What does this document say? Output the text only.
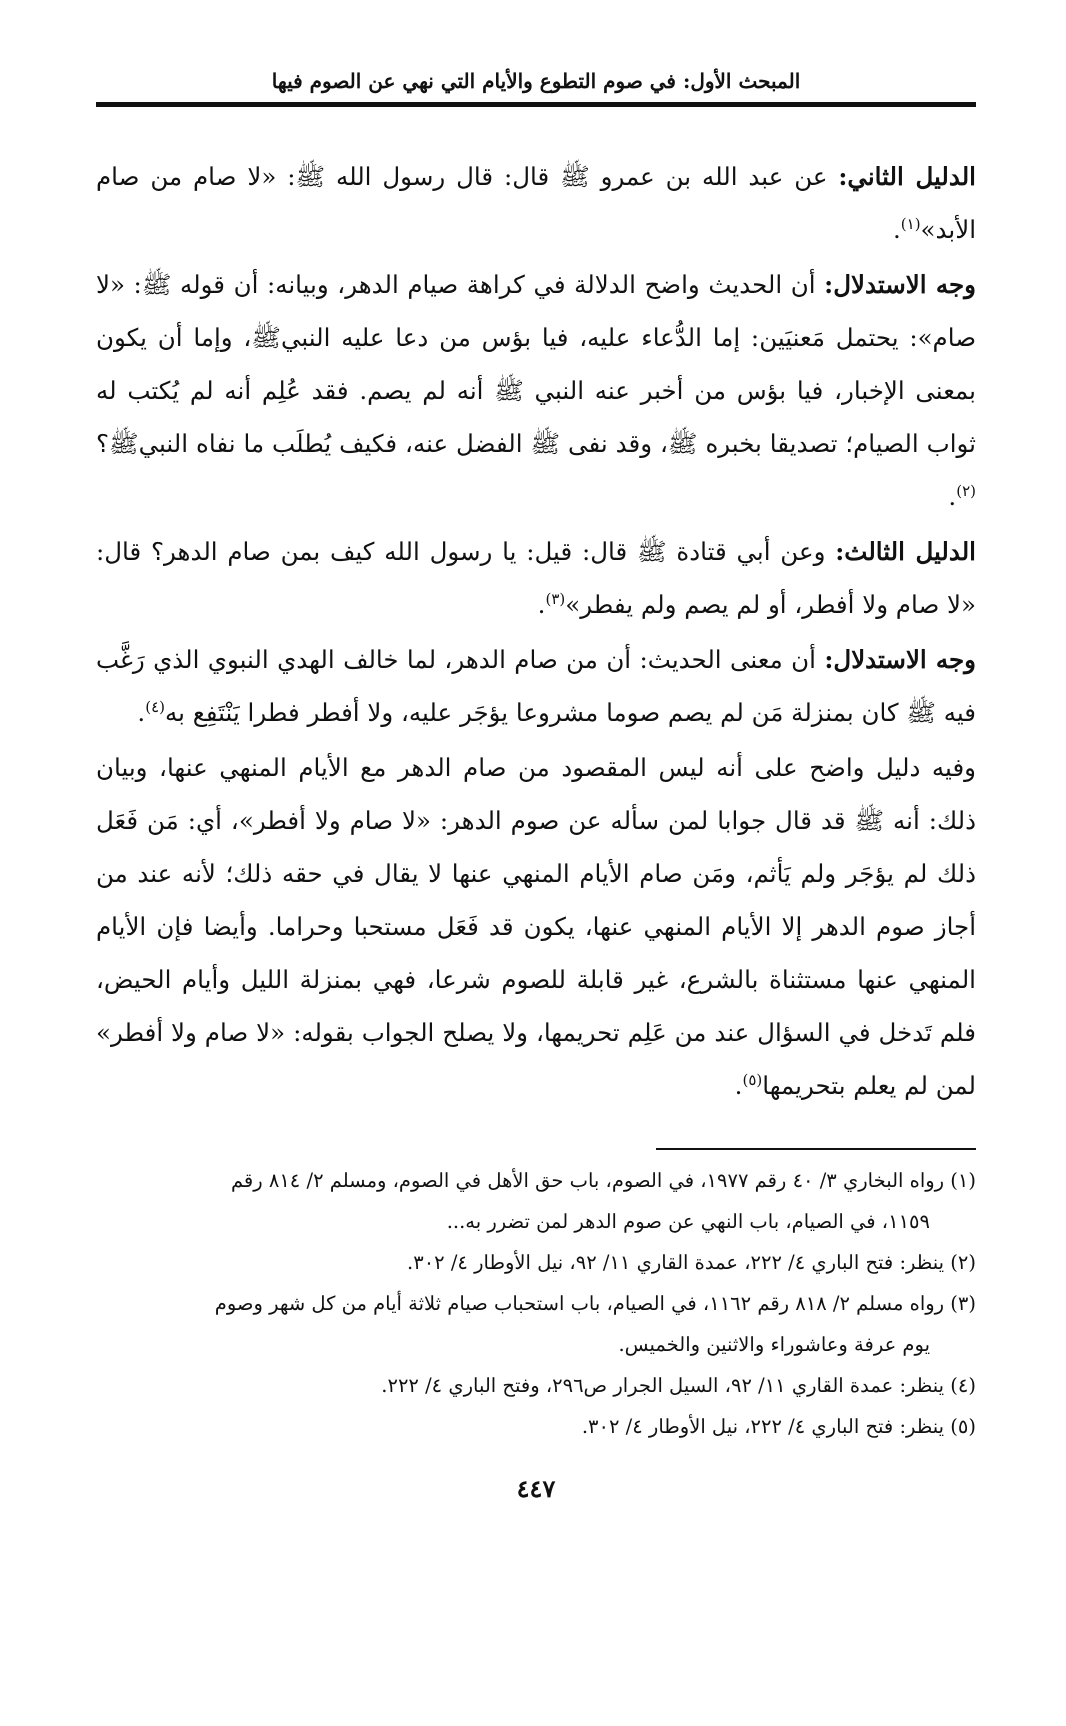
المبحث الأول: في صوم التطوع والأيام التي نهي عن الصوم فيها

الدليل الثاني: عن عبد الله بن عمرو ﷺ قال: قال رسول الله ﷺ: «لا صام من صام الأبد»$^{(١)}$.

وجه الاستدلال: أن الحديث واضح الدلالة في كراهة صيام الدهر، وبيانه: أن قوله ﷺ: «لا صام»: يحتمل مَعنيَين: إما الدُّعاء عليه، فيا بؤس من دعا عليه النبيﷺ، وإما أن يكون بمعنى الإخبار، فيا بؤس من أخبر عنه النبي ﷺ أنه لم يصم. فقد عُلِم أنه لم يُكتب له ثواب الصيام؛ تصديقا بخبره ﷺ، وقد نفى ﷺ الفضل عنه، فكيف يُطلَب ما نفاه النبيﷺ؟$^{(٢)}$.

الدليل الثالث: وعن أبي قتادة ﷺ قال: قيل: يا رسول الله كيف بمن صام الدهر؟ قال: «لا صام ولا أفطر، أو لم يصم ولم يفطر»$^{(٣)}$.

وجه الاستدلال: أن معنى الحديث: أن من صام الدهر، لما خالف الهدي النبوي الذي رَغَّب فيه ﷺ كان بمنزلة مَن لم يصم صوما مشروعا يؤجَر عليه، ولا أفطر فطرا يَنْتَفِع به$^{(٤)}$.

وفيه دليل واضح على أنه ليس المقصود من صام الدهر مع الأيام المنهي عنها، وبيان ذلك: أنه ﷺ قد قال جوابا لمن سأله عن صوم الدهر: «لا صام ولا أفطر»، أي: مَن فَعَل ذلك لم يؤجَر ولم يَأثم، ومَن صام الأيام المنهي عنها لا يقال في حقه ذلك؛ لأنه عند من أجاز صوم الدهر إلا الأيام المنهي عنها، يكون قد فَعَل مستحبا وحراما. وأيضا فإن الأيام المنهي عنها مستثناة بالشرع، غير قابلة للصوم شرعا، فهي بمنزلة الليل وأيام الحيض، فلم تَدخل في السؤال عند من عَلِم تحريمها، ولا يصلح الجواب بقوله: «لا صام ولا أفطر» لمن لم يعلم بتحريمها$^{(٥)}$.

(١) رواه البخاري ٣/ ٤٠ رقم ١٩٧٧، في الصوم، باب حق الأهل في الصوم، ومسلم ٢/ ٨١٤ رقم

١١٥٩، في الصيام، باب النهي عن صوم الدهر لمن تضرر به...

(٢) ينظر: فتح الباري ٤/ ٢٢٢، عمدة القاري ١١/ ٩٢، نيل الأوطار ٤/ ٣٠٢.

(٣) رواه مسلم ٢/ ٨١٨ رقم ١١٦٢، في الصيام، باب استحباب صيام ثلاثة أيام من كل شهر وصوم

يوم عرفة وعاشوراء والاثنين والخميس.

(٤) ينظر: عمدة القاري ١١/ ٩٢، السيل الجرار ص٢٩٦، وفتح الباري ٤/ ٢٢٢.

(٥) ينظر: فتح الباري ٤/ ٢٢٢، نيل الأوطار ٤/ ٣٠٢.

٤٤٧
